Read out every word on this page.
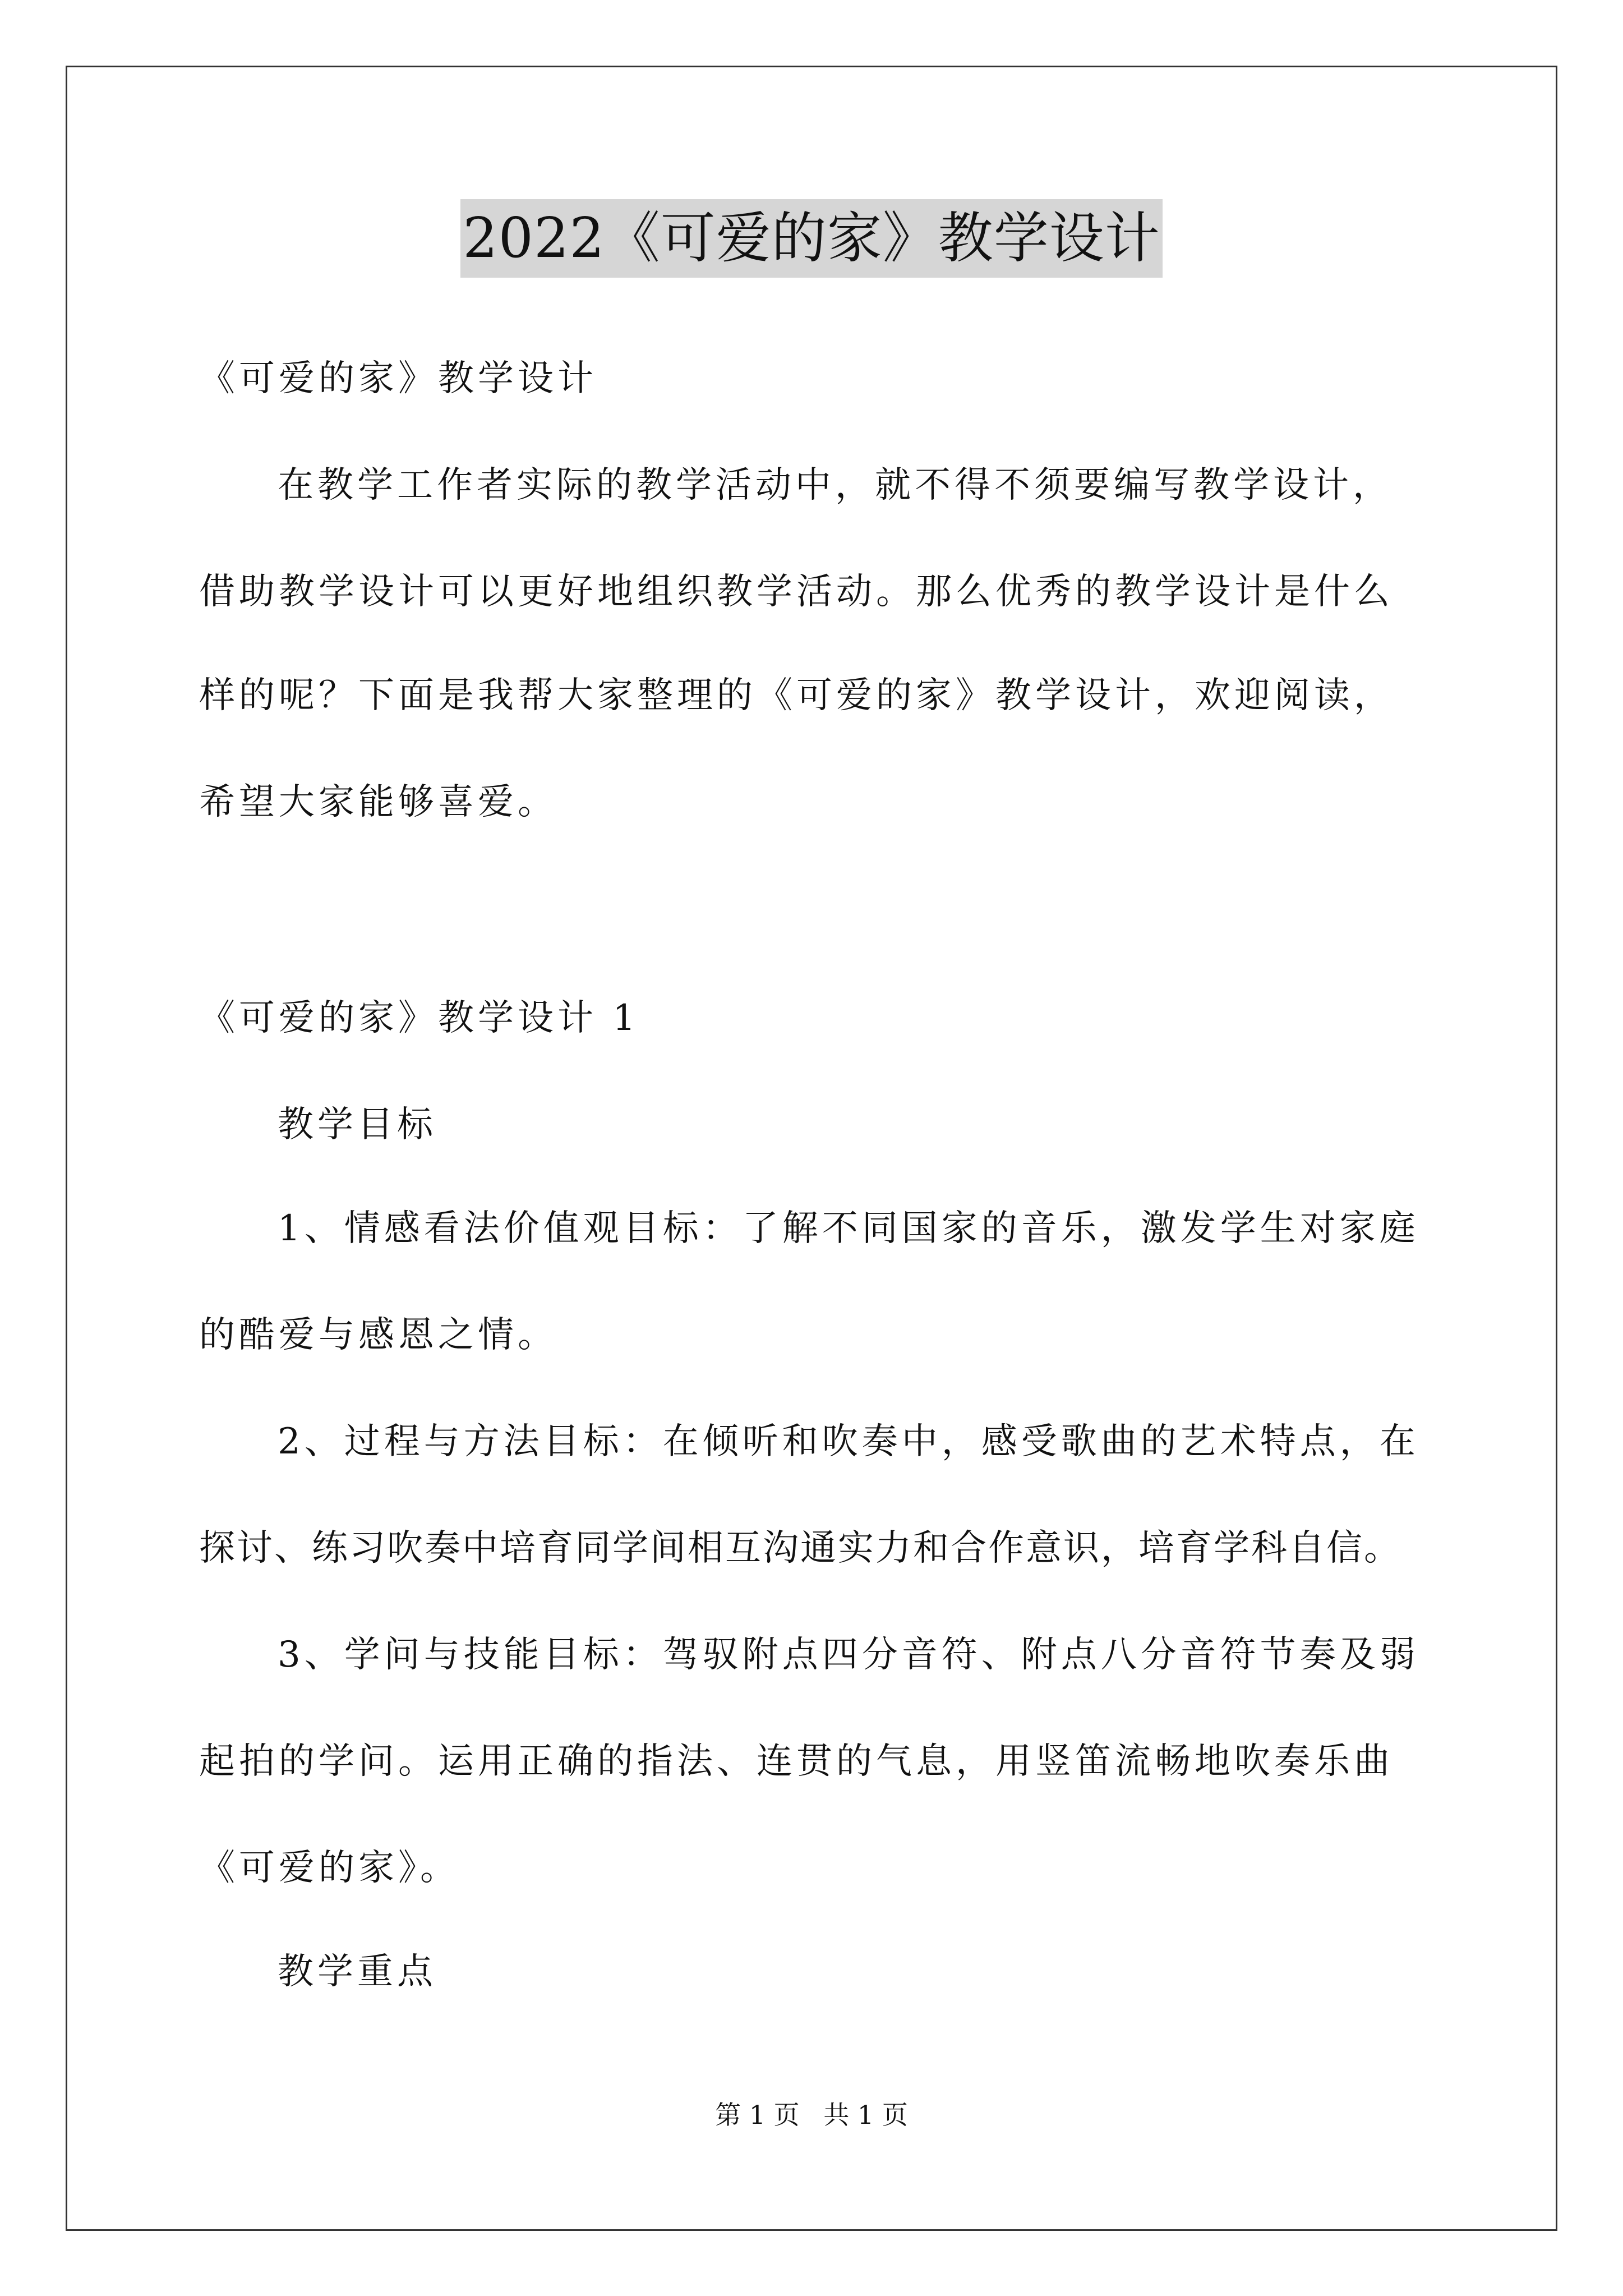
2022《可爱的家》教学设计
《可爱的家》教学设计
在教学工作者实际的教学活动中，就不得不须要编写教学设计，
借助教学设计可以更好地组织教学活动。那么优秀的教学设计是什么
样的呢？下面是我帮大家整理的《可爱的家》教学设计，欢迎阅读，
希望大家能够喜爱。
《可爱的家》教学设计 1
教学目标
1、情感看法价值观目标：了解不同国家的音乐，激发学生对家庭
的酷爱与感恩之情。
2、过程与方法目标：在倾听和吹奏中，感受歌曲的艺术特点，在
探讨、练习吹奏中培育同学间相互沟通实力和合作意识，培育学科自信。
3、学问与技能目标：驾驭附点四分音符、附点八分音符节奏及弱
起拍的学问。运用正确的指法、连贯的气息，用竖笛流畅地吹奏乐曲
《可爱的家》。
教学重点
第 1 页 共 1 页
